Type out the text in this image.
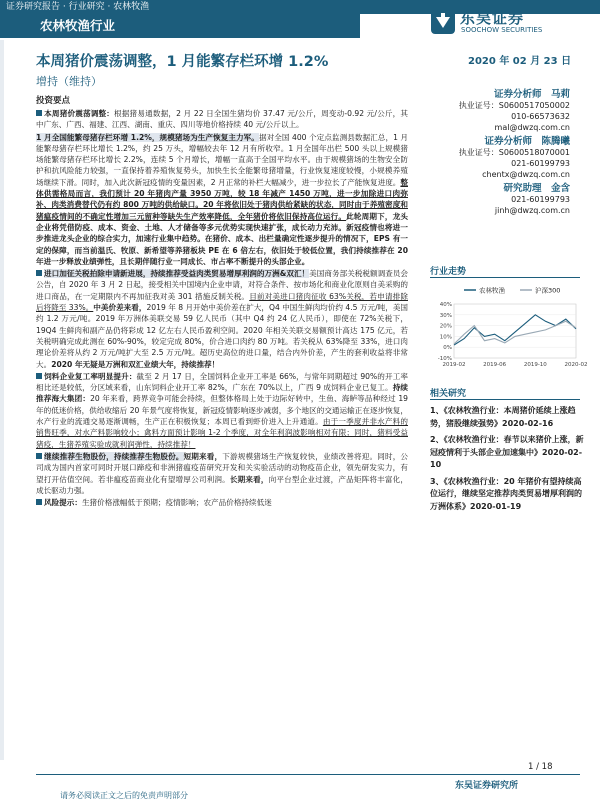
证券研究报告 · 行业研究 · 农林牧渔
农林牧渔行业	东吴证券
SOOCHOW SECURITIES
本周猪价震荡调整，1 月能繁存栏环增 1.2%	2020 年 02 月 23 日
增持（维持）
投资要点

本周猪价震荡调整：根据猪易通数据，2 月 22 日全国生猪均价 37.47 元/公斤，周变动-0.92 元/公斤，其中广东、广西、福建、江西、湖南、重庆、四川等地价格持续 40 元/公斤以上。

1 月全国能繁母猪存栏环增 1.2%，规模猪场为生产恢复主力军。据对全国 400 个定点监测县数据汇总，1 月能繁母猪存栏环比增长 1.2%，约 25 万头，增幅较去年 12 月有所收窄。1 月全国年出栏 500 头以上规模猪场能繁母猪存栏环比增长 2.2%，连续 5 个月增长，增幅一直高于全国平均水平。由于规模猪场的生物安全防护和抗风险能力较强，一直保持着养殖恢复势头，加快生长全能繁母猪增量，行业恢复速度较慢，小规模养殖场继续下滑。同时，加入此次新冠疫情的变量因素，2 月正常的补栏大幅减少，进一步拉长了产能恢复进度。整体供需格局而言，我们预计 20 年猪肉产量 3950 万吨，较 18 年减产 1450 万吨，进一步加除进口肉弥补、肉类消费替代仍有约 800 万吨的供给缺口。20 年将依旧处于猪肉供给紧缺的状态，同时由于养殖密度和猪瘟疫情间的不确定性增加三元留种等缺失生产效率降低，全年猪价将依旧保持高位运行。此轮周期下，龙头企业将凭借防疫、成本、资金、土地、人才储备等多元优势实现快速扩张，成长动力充沛。新冠疫情也将进一步推进龙头企业的综合实力，加速行业集中趋势。在猪价、成本、出栏量确定性逐步提升的情况下，EPS 有一定的保障，而当前温氏、牧原、新希望等养猪板块 PE 在 6 倍左右，依旧处于较低位置，我们持续推荐在 20 年进一步释放业绩弹性，且长期伴随行业一同成长、市占率不断提升的头部企业。

进口加征关税拍除申请新进展，持续推荐受益肉类贸易增厚利润的万洲&双汇！美国商务部关税税额调查员会公告，自 2020 年 3 月 2 日起，接受相关中国境内企业申请，对符合条件、按市场化和商业化原则自美采购的进口商品，在一定期限内不再加征我对美 301 措施反制关税。目前对美进口猪肉征收 63%关税，若申请排除后将降至 33%。中美价差来看，2019 年 8 月开始中美价差在扩大，Q4 中国生鲜肉均价约 4.5 万元/吨，美国约 1.2 万元/吨。2019 年万洲体美联交易 59 亿人民币（其中 Q4 约 24 亿人民币），即使在 72%关税下，19Q4 生鲜肉和副产品仍将彩成 12 亿左右人民币盈利空间。2020 年相关关联交易额预计高达 175 亿元，若关税明确完成此测在 60%-90%，较定完成 80%，价合进口肉约 80 万吨。若关税从 63%降至 33%，进口肉理论价差将从约 2 万元/吨扩大至 2.5 万元/吨。超历史高位的进口量，结合内外价差，产生的套利收益将非常大。2020 年无疑是万洲和双汇业绩大年，持续推荐！

饲料企业复工率明显提升：截至 2 月 17 日，全国饲料企业开工率是 66%，与常年同期超过 90%的开工率相比还是较低，分区域来看，山东饲料企业开工率 82%，广东在 70%以上，广西 9 成饲料企业已复工。持续推荐海大集团：20 年来看，跨界竞争可能会持续，但整体格局上处于边际好转中，生鱼、海鲈等品种经过 19 年的低迷价格，供给收缩后 20 年景气度将恢复，新冠疫情影响逐步减弱，多个地区的交通运输正在逐步恢复，水产行业的流通交易逐渐调畅，生产正在积极恢复；本周已看到虾价进入上升通道。由于一季度并非水产料的销售旺季，对水产料影响较小；禽料方面预计影响 1-2 个季度，对全年利润波影响相对有限；同时，猪料受益猪疫，生猪养殖实验成就利润弹性，持续推荐！

继续推荐生物股份，持续推荐生物股份。短期来看，下游规模猪场生产恢复较快，业绩改善将迎。同时，公司成为国内首家可同时开展口蹄疫和非洲猪瘟疫苗研究开发和关实验活动的动物疫苗企业，领先研发实力，有望打开估值空间。若非瘟疫苗商业化有望增厚公司利润。长期来看，向平台型企业过渡，产品矩阵将丰富化，成长驱动力强。

风险提示：生猪价格涨幅低于预期；疫情影响；农产品价格持续低迷

证券分析师　马莉
执业证号：S0600517050002
010-66573632
mal@dwzq.com.cn
证券分析师　陈腾曦
执业证号：S0600518070001
021-60199793
chentx@dwzq.com.cn
研究助理　金含
021-60199793
jinh@dwzq.com.cn
行业走势
40%
30%
20%
10%
0%
-10%
2019-02	2019-06	2019-10	2020-02
农林牧渔	沪深300
相关研究
1、《农林牧渔行业：本周猪价延续上涨趋势，猪股继续强势》2020-02-16
2、《农林牧渔行业：春节以来猪价上涨，新冠疫情利于头部企业加速集中》2020-02-10
3、《农林牧渔行业：20 年猪价有望持续高位运行，继续坚定推荐肉类贸易增厚利润的万洲体系》2020-01-19
1 / 18
东吴证券研究所
请务必阅读正文之后的免责声明部分
